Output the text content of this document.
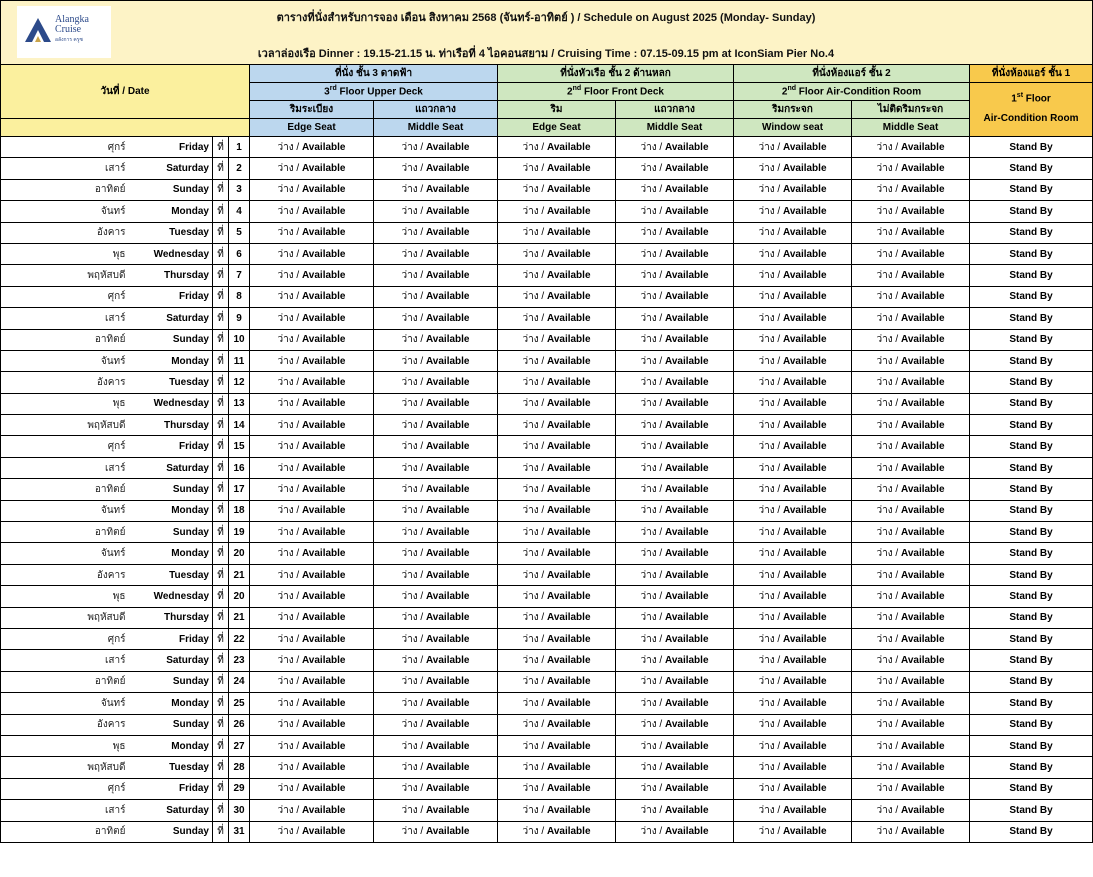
Alangka Cruise
อลังการ ครูซ
ตารางที่นั่งสำหรับการจอง เดือน สิงหาคม 2568 (จันทร์-อาทิตย์ ) / Schedule on August 2025 (Monday- Sunday)
เวลาล่องเรือ Dinner : 19.15-21.15 น. ท่าเรือที่ 4 ไอคอนสยาม / Cruising Time : 07.15-09.15 pm at IconSiam Pier No.4
วันที่ / Date				ที่นั่ง ชั้น 3 ดาดฟ้า		ที่นั่งหัวเรือ ชั้น 2 ด้านหลก		ที่นั่งห้องแอร์ ชั้น 2		ที่นั่งห้องแอร์ ชั้น 1
				3rd Floor Upper Deck		2nd Floor Front Deck		2nd Floor Air-Condition Room		1st Floor
Air-Condition Room

				ริมระเบียง	แถวกลาง	ริม	แถวกลาง	ริมกระจก	ไม่ติดริมกระจก	
				Edge Seat	Middle Seat	Edge Seat	Middle Seat	Window seat	Middle Seat	
ศุกร์	Friday	ที่	1	ว่าง / Available	ว่าง / Available	ว่าง / Available	ว่าง / Available	ว่าง / Available	ว่าง / Available	Stand By
เสาร์	Saturday	ที่	2	ว่าง / Available	ว่าง / Available	ว่าง / Available	ว่าง / Available	ว่าง / Available	ว่าง / Available	Stand By
อาทิตย์	Sunday	ที่	3	ว่าง / Available	ว่าง / Available	ว่าง / Available	ว่าง / Available	ว่าง / Available	ว่าง / Available	Stand By
จันทร์	Monday	ที่	4	ว่าง / Available	ว่าง / Available	ว่าง / Available	ว่าง / Available	ว่าง / Available	ว่าง / Available	Stand By
อังคาร	Tuesday	ที่	5	ว่าง / Available	ว่าง / Available	ว่าง / Available	ว่าง / Available	ว่าง / Available	ว่าง / Available	Stand By
พุธ	Wednesday	ที่	6	ว่าง / Available	ว่าง / Available	ว่าง / Available	ว่าง / Available	ว่าง / Available	ว่าง / Available	Stand By
พฤหัสบดี	Thursday	ที่	7	ว่าง / Available	ว่าง / Available	ว่าง / Available	ว่าง / Available	ว่าง / Available	ว่าง / Available	Stand By
ศุกร์	Friday	ที่	8	ว่าง / Available	ว่าง / Available	ว่าง / Available	ว่าง / Available	ว่าง / Available	ว่าง / Available	Stand By
เสาร์	Saturday	ที่	9	ว่าง / Available	ว่าง / Available	ว่าง / Available	ว่าง / Available	ว่าง / Available	ว่าง / Available	Stand By
อาทิตย์	Sunday	ที่	10	ว่าง / Available	ว่าง / Available	ว่าง / Available	ว่าง / Available	ว่าง / Available	ว่าง / Available	Stand By
จันทร์	Monday	ที่	11	ว่าง / Available	ว่าง / Available	ว่าง / Available	ว่าง / Available	ว่าง / Available	ว่าง / Available	Stand By
อังคาร	Tuesday	ที่	12	ว่าง / Available	ว่าง / Available	ว่าง / Available	ว่าง / Available	ว่าง / Available	ว่าง / Available	Stand By
พุธ	Wednesday	ที่	13	ว่าง / Available	ว่าง / Available	ว่าง / Available	ว่าง / Available	ว่าง / Available	ว่าง / Available	Stand By
พฤหัสบดี	Thursday	ที่	14	ว่าง / Available	ว่าง / Available	ว่าง / Available	ว่าง / Available	ว่าง / Available	ว่าง / Available	Stand By
ศุกร์	Friday	ที่	15	ว่าง / Available	ว่าง / Available	ว่าง / Available	ว่าง / Available	ว่าง / Available	ว่าง / Available	Stand By
เสาร์	Saturday	ที่	16	ว่าง / Available	ว่าง / Available	ว่าง / Available	ว่าง / Available	ว่าง / Available	ว่าง / Available	Stand By
อาทิตย์	Sunday	ที่	17	ว่าง / Available	ว่าง / Available	ว่าง / Available	ว่าง / Available	ว่าง / Available	ว่าง / Available	Stand By
จันทร์	Monday	ที่	18	ว่าง / Available	ว่าง / Available	ว่าง / Available	ว่าง / Available	ว่าง / Available	ว่าง / Available	Stand By
อาทิตย์	Sunday	ที่	19	ว่าง / Available	ว่าง / Available	ว่าง / Available	ว่าง / Available	ว่าง / Available	ว่าง / Available	Stand By
จันทร์	Monday	ที่	20	ว่าง / Available	ว่าง / Available	ว่าง / Available	ว่าง / Available	ว่าง / Available	ว่าง / Available	Stand By
อังคาร	Tuesday	ที่	21	ว่าง / Available	ว่าง / Available	ว่าง / Available	ว่าง / Available	ว่าง / Available	ว่าง / Available	Stand By
พุธ	Wednesday	ที่	20	ว่าง / Available	ว่าง / Available	ว่าง / Available	ว่าง / Available	ว่าง / Available	ว่าง / Available	Stand By
พฤหัสบดี	Thursday	ที่	21	ว่าง / Available	ว่าง / Available	ว่าง / Available	ว่าง / Available	ว่าง / Available	ว่าง / Available	Stand By
ศุกร์	Friday	ที่	22	ว่าง / Available	ว่าง / Available	ว่าง / Available	ว่าง / Available	ว่าง / Available	ว่าง / Available	Stand By
เสาร์	Saturday	ที่	23	ว่าง / Available	ว่าง / Available	ว่าง / Available	ว่าง / Available	ว่าง / Available	ว่าง / Available	Stand By
อาทิตย์	Sunday	ที่	24	ว่าง / Available	ว่าง / Available	ว่าง / Available	ว่าง / Available	ว่าง / Available	ว่าง / Available	Stand By
จันทร์	Monday	ที่	25	ว่าง / Available	ว่าง / Available	ว่าง / Available	ว่าง / Available	ว่าง / Available	ว่าง / Available	Stand By
อังคาร	Sunday	ที่	26	ว่าง / Available	ว่าง / Available	ว่าง / Available	ว่าง / Available	ว่าง / Available	ว่าง / Available	Stand By
พุธ	Monday	ที่	27	ว่าง / Available	ว่าง / Available	ว่าง / Available	ว่าง / Available	ว่าง / Available	ว่าง / Available	Stand By
พฤหัสบดี	Tuesday	ที่	28	ว่าง / Available	ว่าง / Available	ว่าง / Available	ว่าง / Available	ว่าง / Available	ว่าง / Available	Stand By
ศุกร์	Friday	ที่	29	ว่าง / Available	ว่าง / Available	ว่าง / Available	ว่าง / Available	ว่าง / Available	ว่าง / Available	Stand By
เสาร์	Saturday	ที่	30	ว่าง / Available	ว่าง / Available	ว่าง / Available	ว่าง / Available	ว่าง / Available	ว่าง / Available	Stand By
อาทิตย์	Sunday	ที่	31	ว่าง / Available	ว่าง / Available	ว่าง / Available	ว่าง / Available	ว่าง / Available	ว่าง / Available	Stand By
